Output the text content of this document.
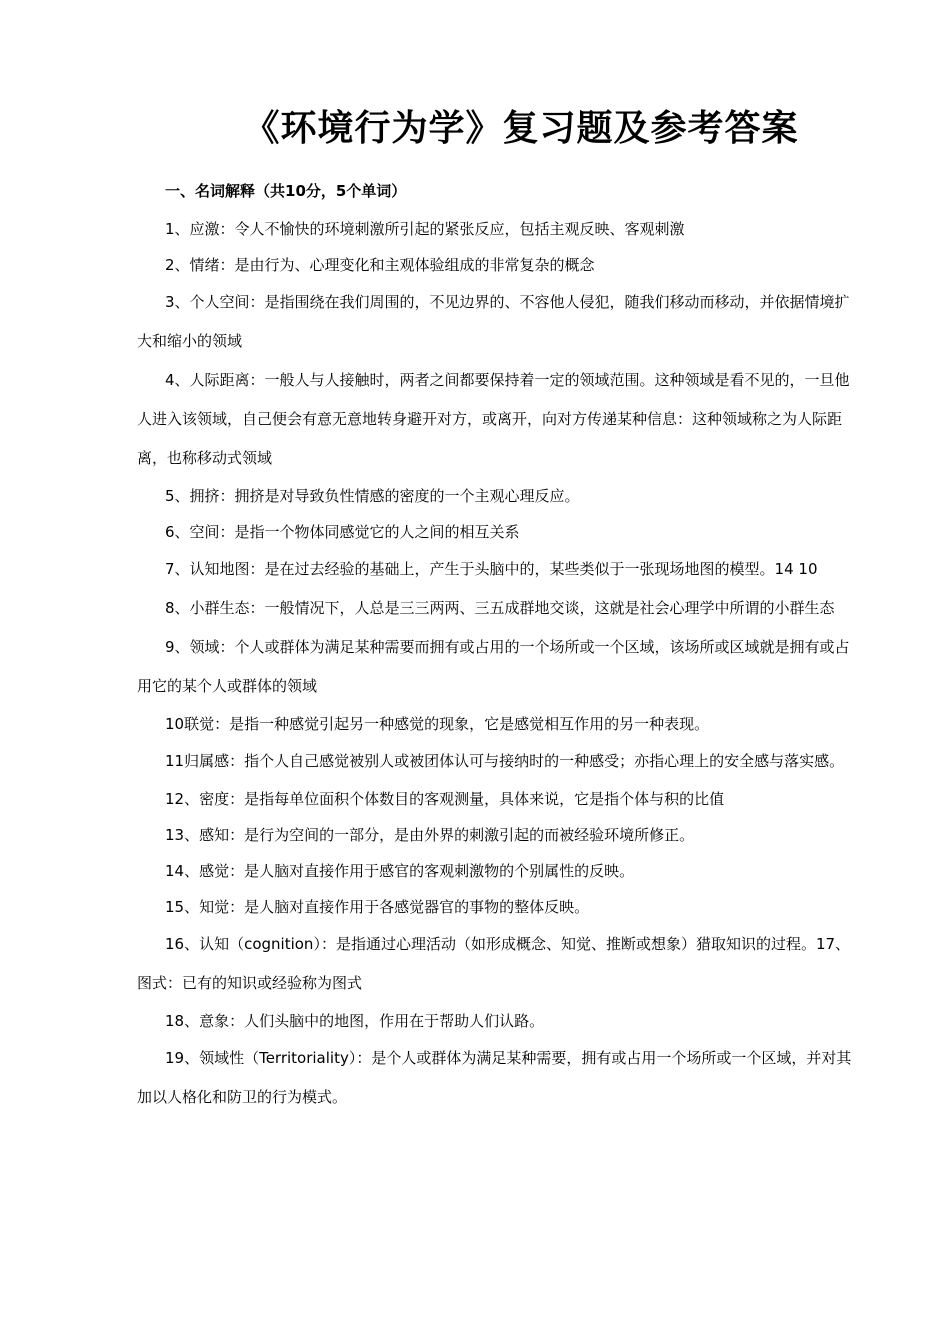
《环境行为学》复习题及参考答案
一、名词解释（共10分，5个单词）

1、应激：令人不愉快的环境刺激所引起的紧张反应，包括主观反映、客观刺激

2、情绪：是由行为、心理变化和主观体验组成的非常复杂的概念

3、个人空间：是指围绕在我们周围的，不见边界的、不容他人侵犯，随我们移动而移动，并依据情境扩大和缩小的领域

4、人际距离：一般人与人接触时，两者之间都要保持着一定的领域范围。这种领域是看不见的，一旦他人进入该领域，自己便会有意无意地转身避开对方，或离开，向对方传递某种信息：这种领域称之为人际距离，也称移动式领域

5、拥挤：拥挤是对导致负性情感的密度的一个主观心理反应。

6、空间：是指一个物体同感觉它的人之间的相互关系

7、认知地图：是在过去经验的基础上，产生于头脑中的，某些类似于一张现场地图的模型。14 10

8、小群生态：一般情况下，人总是三三两两、三五成群地交谈，这就是社会心理学中所谓的小群生态

9、领域：个人或群体为满足某种需要而拥有或占用的一个场所或一个区域，该场所或区域就是拥有或占用它的某个人或群体的领域

10联觉：是指一种感觉引起另一种感觉的现象，它是感觉相互作用的另一种表现。

11归属感：指个人自己感觉被别人或被团体认可与接纳时的一种感受；亦指心理上的安全感与落实感。

12、密度：是指每单位面积个体数目的客观测量，具体来说，它是指个体与积的比值

13、感知：是行为空间的一部分，是由外界的刺激引起的而被经验环境所修正。

14、感觉：是人脑对直接作用于感官的客观刺激物的个别属性的反映。

15、知觉：是人脑对直接作用于各感觉器官的事物的整体反映。

16、认知（cognition）：是指通过心理活动（如形成概念、知觉、推断或想象）猎取知识的过程。17、图式：已有的知识或经验称为图式

18、意象：人们头脑中的地图，作用在于帮助人们认路。

19、领域性（Territoriality）：是个人或群体为满足某种需要，拥有或占用一个场所或一个区域，并对其加以人格化和防卫的行为模式。
